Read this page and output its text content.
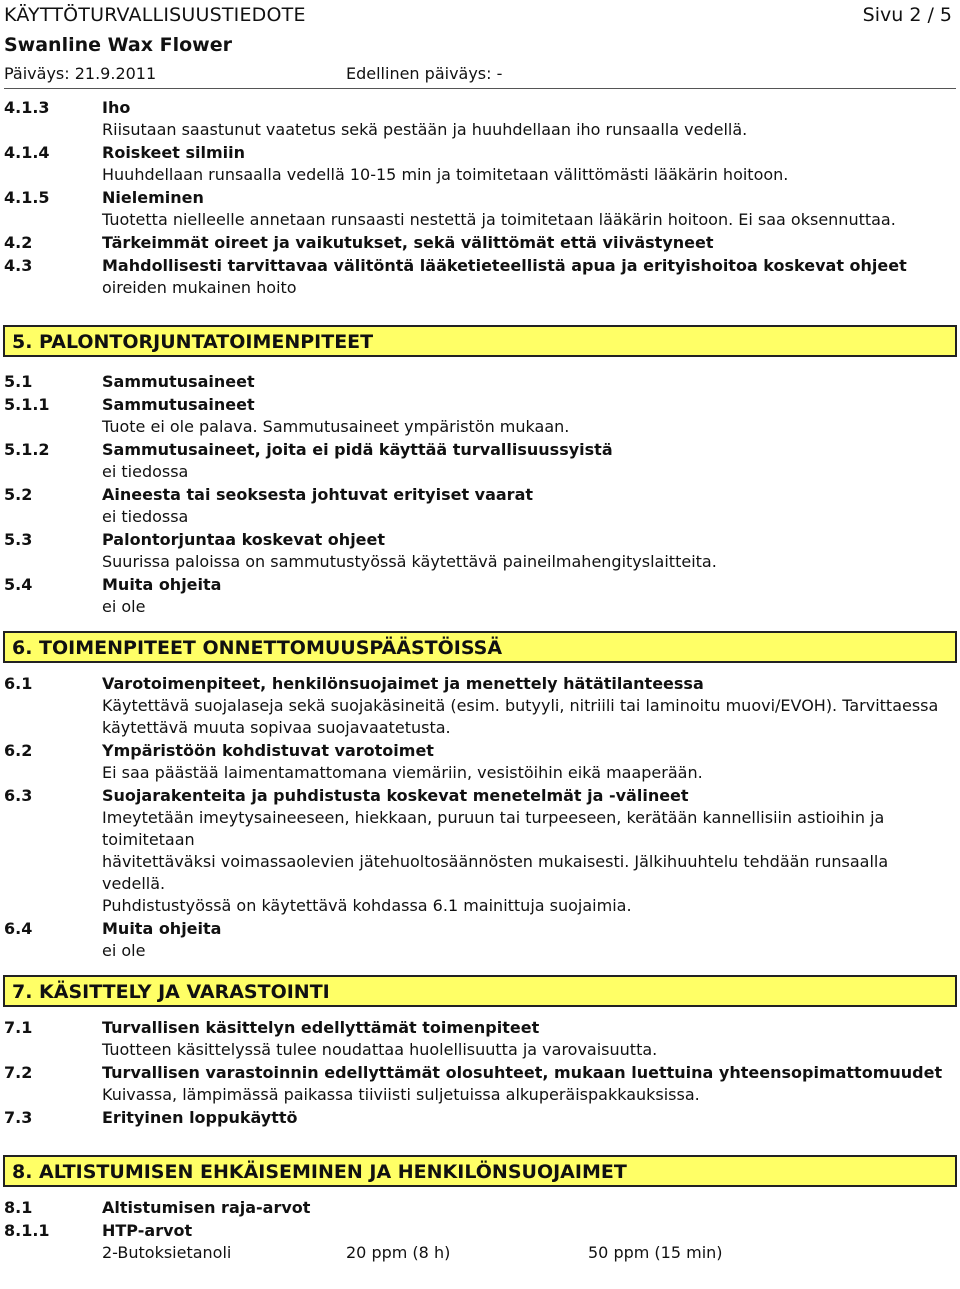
KÄYTTÖTURVALLISUUSTIEDOTE	Sivu 2 / 5
Swanline Wax Flower
Päiväys: 21.9.2011	Edellinen päiväys: -
4.1.3	Iho
Riisutaan saastunut vaatetus sekä pestään ja huuhdellaan iho runsaalla vedellä.
4.1.4	Roiskeet silmiin
Huuhdellaan runsaalla vedellä 10-15 min ja toimitetaan välittömästi lääkärin hoitoon.
4.1.5	Nieleminen
Tuotetta nielleelle annetaan runsaasti nestettä ja toimitetaan lääkärin hoitoon. Ei saa oksennuttaa.
4.2	Tärkeimmät oireet ja vaikutukset, sekä välittömät että viivästyneet
4.3	Mahdollisesti tarvittavaa välitöntä lääketieteellistä apua ja erityishoitoa koskevat ohjeet
oireiden mukainen hoito
5. PALONTORJUNTATOIMENPITEET
5.1	Sammutusaineet
5.1.1	Sammutusaineet
Tuote ei ole palava. Sammutusaineet ympäristön mukaan.
5.1.2	Sammutusaineet, joita ei pidä käyttää turvallisuussyistä
ei tiedossa
5.2	Aineesta tai seoksesta johtuvat erityiset vaarat
ei tiedossa
5.3	Palontorjuntaa koskevat ohjeet
Suurissa paloissa on sammutustyössä käytettävä paineilmahengityslaitteita.
5.4	Muita ohjeita
ei ole
6. TOIMENPITEET ONNETTOMUUSPÄÄSTÖISSÄ
6.1	Varotoimenpiteet, henkilönsuojaimet ja menettely hätätilanteessa
Käytettävä suojalaseja sekä suojakäsineitä (esim. butyyli, nitriili tai laminoitu muovi/EVOH). Tarvittaessa
käytettävä muuta sopivaa suojavaatetusta.
6.2	Ympäristöön kohdistuvat varotoimet
Ei saa päästää laimentamattomana viemäriin, vesistöihin eikä maaperään.
6.3	Suojarakenteita ja puhdistusta koskevat menetelmät ja -välineet
Imeytetään imeytysaineeseen, hiekkaan, puruun tai turpeeseen, kerätään kannellisiin astioihin ja toimitetaan
hävitettäväksi voimassaolevien jätehuoltosäännösten mukaisesti. Jälkihuuhtelu tehdään runsaalla vedellä.
Puhdistustyössä on käytettävä kohdassa 6.1 mainittuja suojaimia.
6.4	Muita ohjeita
ei ole
7. KÄSITTELY JA VARASTOINTI
7.1	Turvallisen käsittelyn edellyttämät toimenpiteet
Tuotteen käsittelyssä tulee noudattaa huolellisuutta ja varovaisuutta.
7.2	Turvallisen varastoinnin edellyttämät olosuhteet, mukaan luettuina yhteensopimattomuudet
Kuivassa, lämpimässä paikassa tiiviisti suljetuissa alkuperäispakkauksissa.
7.3	Erityinen loppukäyttö
8. ALTISTUMISEN EHKÄISEMINEN JA HENKILÖNSUOJAIMET
8.1	Altistumisen raja-arvot
8.1.1	HTP-arvot
2-Butoksietanoli	20 ppm (8 h)	50 ppm (15 min)
